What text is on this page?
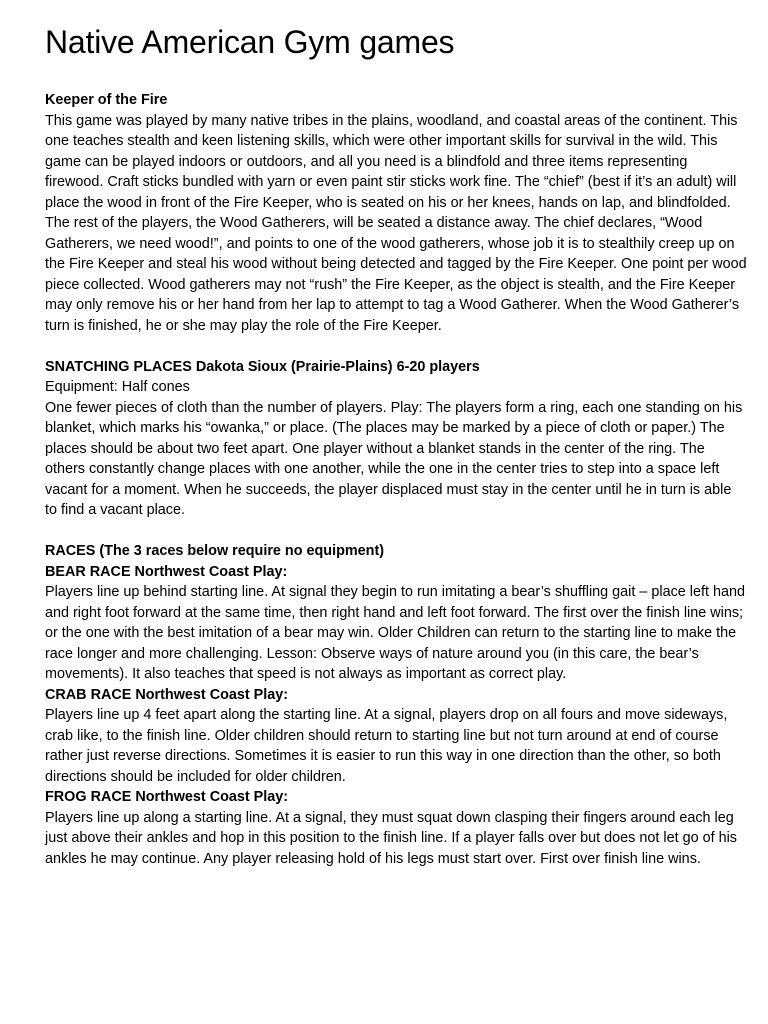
Native American Gym games
Keeper of the Fire
This game was played by many native tribes in the plains, woodland, and coastal areas of the continent. This one teaches stealth and keen listening skills, which were other important skills for survival in the wild. This game can be played indoors or outdoors, and all you need is a blindfold and three items representing firewood. Craft sticks bundled with yarn or even paint stir sticks work fine. The “chief” (best if it’s an adult) will place the wood in front of the Fire Keeper, who is seated on his or her knees, hands on lap, and blindfolded. The rest of the players, the Wood Gatherers, will be seated a distance away. The chief declares, “Wood Gatherers, we need wood!”, and points to one of the wood gatherers, whose job it is to stealthily creep up on the Fire Keeper and steal his wood without being detected and tagged by the Fire Keeper. One point per wood piece collected. Wood gatherers may not “rush” the Fire Keeper, as the object is stealth, and the Fire Keeper may only remove his or her hand from her lap to attempt to tag a Wood Gatherer. When the Wood Gatherer’s turn is finished, he or she may play the role of the Fire Keeper.
SNATCHING PLACES Dakota Sioux (Prairie-Plains) 6-20 players
Equipment: Half cones
One fewer pieces of cloth than the number of players. Play: The players form a ring, each one standing on his blanket, which marks his “owanka,” or place. (The places may be marked by a piece of cloth or paper.) The places should be about two feet apart. One player without a blanket stands in the center of the ring. The others constantly change places with one another, while the one in the center tries to step into a space left vacant for a moment. When he succeeds, the player displaced must stay in the center until he in turn is able to find a vacant place.
RACES (The 3 races below require no equipment)
BEAR RACE Northwest Coast Play:
Players line up behind starting line. At signal they begin to run imitating a bear’s shuffling gait – place left hand and right foot forward at the same time, then right hand and left foot forward. The first over the finish line wins; or the one with the best imitation of a bear may win. Older Children can return to the starting line to make the race longer and more challenging. Lesson: Observe ways of nature around you (in this care, the bear’s movements). It also teaches that speed is not always as important as correct play.
CRAB RACE Northwest Coast Play:
Players line up 4 feet apart along the starting line. At a signal, players drop on all fours and move sideways, crab like, to the finish line. Older children should return to starting line but not turn around at end of course rather just reverse directions. Sometimes it is easier to run this way in one direction than the other, so both directions should be included for older children.
FROG RACE Northwest Coast Play:
Players line up along a starting line. At a signal, they must squat down clasping their fingers around each leg just above their ankles and hop in this position to the finish line. If a player falls over but does not let go of his ankles he may continue. Any player releasing hold of his legs must start over. First over finish line wins.
